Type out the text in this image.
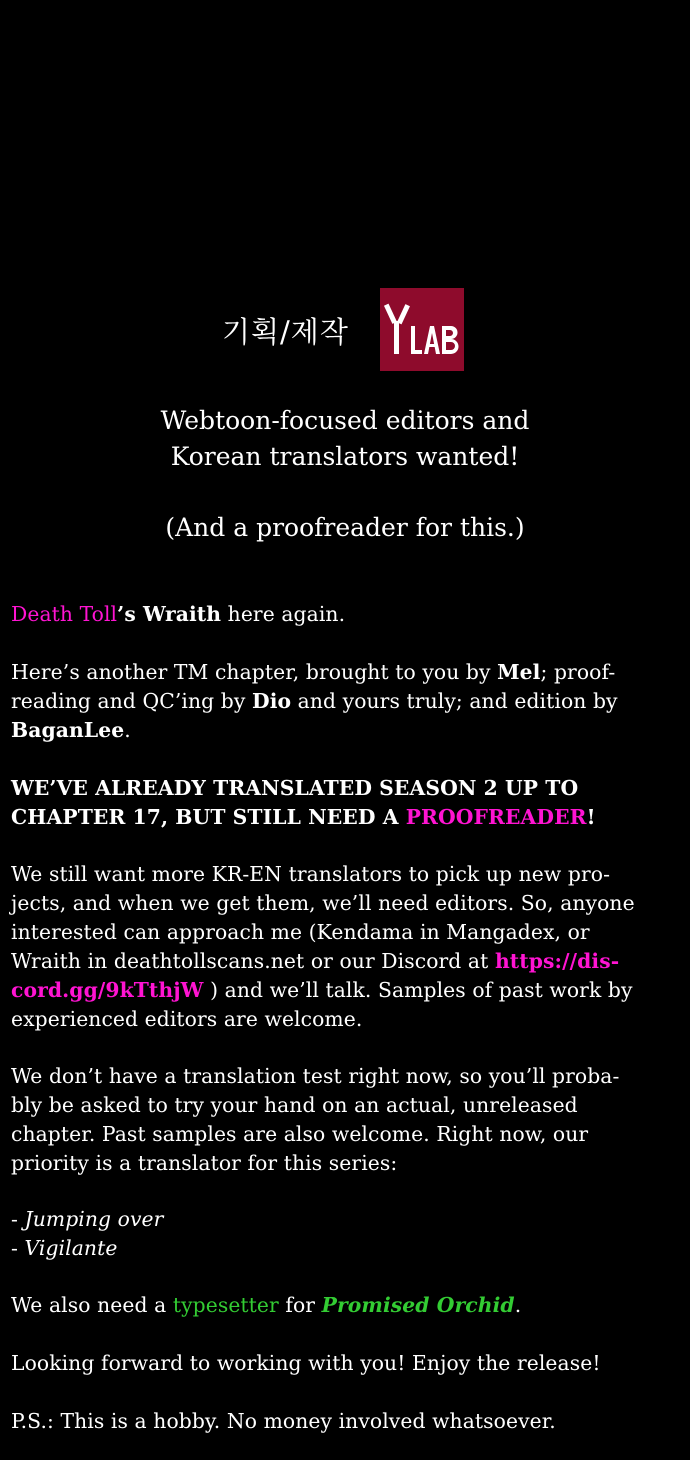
기획/제작
Webtoon-focused editors and
Korean translators wanted!
(And a proofreader for this.)
Death Toll’s Wraith here again.
Here’s another TM chapter, brought to you by Mel; proof-
reading and QC’ing by Dio and yours truly; and edition by
BaganLee.
WE’VE ALREADY TRANSLATED SEASON 2 UP TO
CHAPTER 17, BUT STILL NEED A PROOFREADER!
We still want more KR-EN translators to pick up new pro-
jects, and when we get them, we’ll need editors. So, anyone
interested can approach me (Kendama in Mangadex, or
Wraith in deathtollscans.net or our Discord at https://dis-
cord.gg/9kTthjW ) and we’ll talk. Samples of past work by
experienced editors are welcome.
We don’t have a translation test right now, so you’ll proba-
bly be asked to try your hand on an actual, unreleased
chapter. Past samples are also welcome. Right now, our
priority is a translator for this series:
- Jumping over
- Vigilante
We also need a typesetter for Promised Orchid.
Looking forward to working with you! Enjoy the release!
P.S.: This is a hobby. No money involved whatsoever.
